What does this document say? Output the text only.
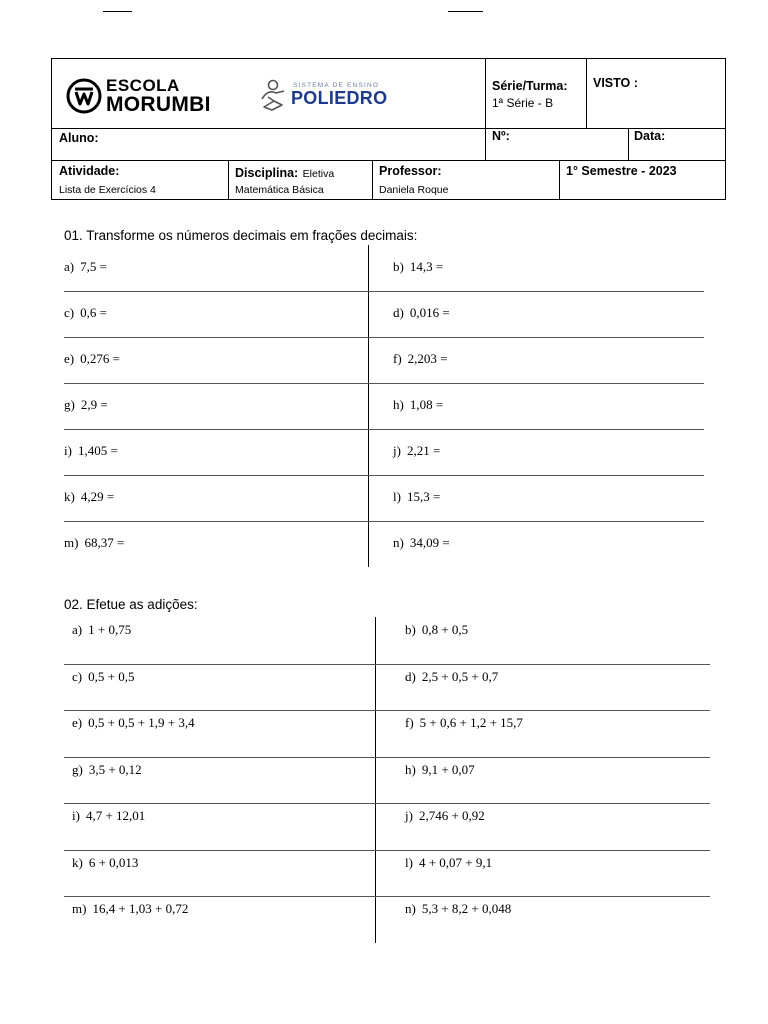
ESCOLA
MORUMBI
SISTEMA DE ENSINO
POLIEDRO
Série/Turma:
1ª Série - B
VISTO :
Aluno:	Nº:	Data:
Atividade:
Lista de Exercícios 4
Disciplina: Eletiva
Matemática Básica
Professor:
Daniela Roque
1° Semestre - 2023
01. Transforme os números decimais em frações decimais:
02. Efetue as adições:
a) 7,5 =	b) 14,3 =
c) 0,6 =	d) 0,016 =
e) 0,276 =	f) 2,203 =
g) 2,9 =	h) 1,08 =
i) 1,405 =	j) 2,21 =
k) 4,29 =	l) 15,3 =
m) 68,37 =	n) 34,09 =
a) 1 + 0,75	b) 0,8 + 0,5
c) 0,5 + 0,5	d) 2,5 + 0,5 + 0,7
e) 0,5 + 0,5 + 1,9 + 3,4	f) 5 + 0,6 + 1,2 + 15,7
g) 3,5 + 0,12	h) 9,1 + 0,07
i) 4,7 + 12,01	j) 2,746 + 0,92
k) 6 + 0,013	l) 4 + 0,07 + 9,1
m) 16,4 + 1,03 + 0,72	n) 5,3 + 8,2 + 0,048
